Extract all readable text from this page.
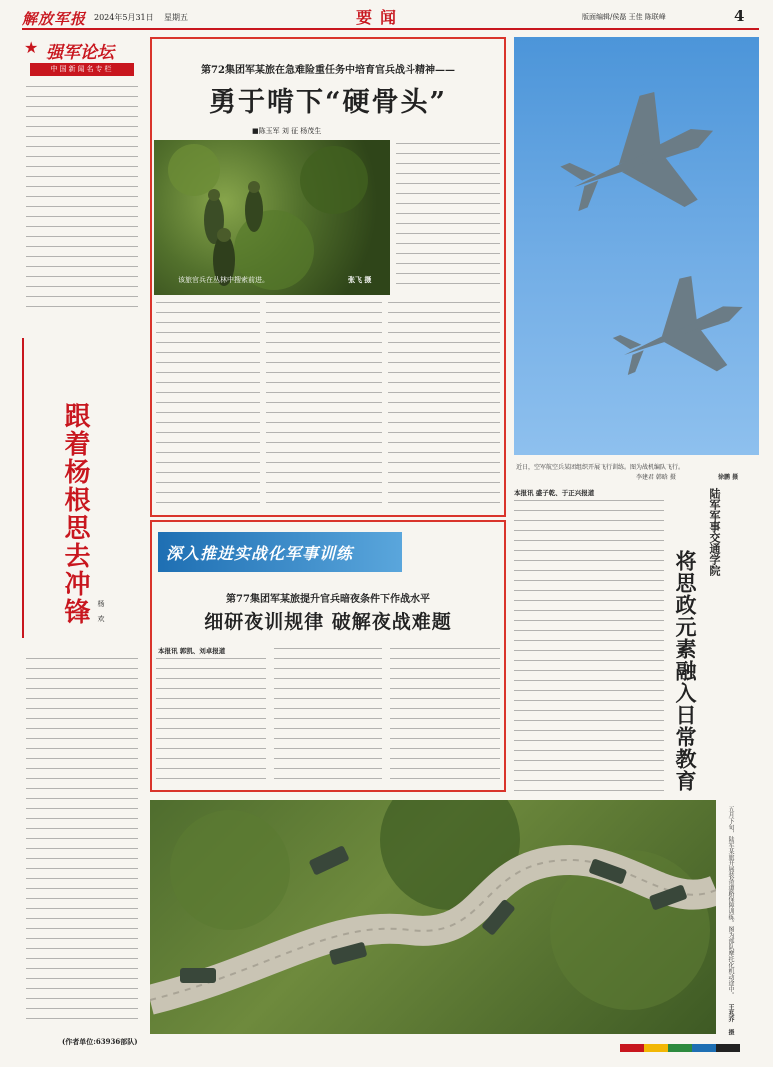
解放军报 2024年5月31日 星期五	要闻	版面编辑/侯磊 王佳 陈联峰	4
★ 强军论坛
中国新闻名专栏
跟着杨根思去冲锋 杨 欢
(作者单位:63936部队)
第72集团军某旅在急难险重任务中培育官兵战斗精神——
勇于啃下“硬骨头”
■陈玉军 刘 征 杨茂生
该旅官兵在丛林中搜索前进。	张飞 摄
深入推进实战化军事训练
第77集团军某旅提升官兵暗夜条件下作战水平
细研夜训规律 破解夜战难题
本报讯 郭凯、刘卓报道
近日，空军航空兵某团组织开展飞行训练。图为战机编队飞行。
李建君 韩晗 摄	徐鹏 摄
本报讯 盛子乾、于正兴报道	陆军军事交通学院
将思政元素融入日常教育
五月下旬，陆军某旅开展装备道路保障训练。图为部队摩托化机动途中。
王兆乔 摄
